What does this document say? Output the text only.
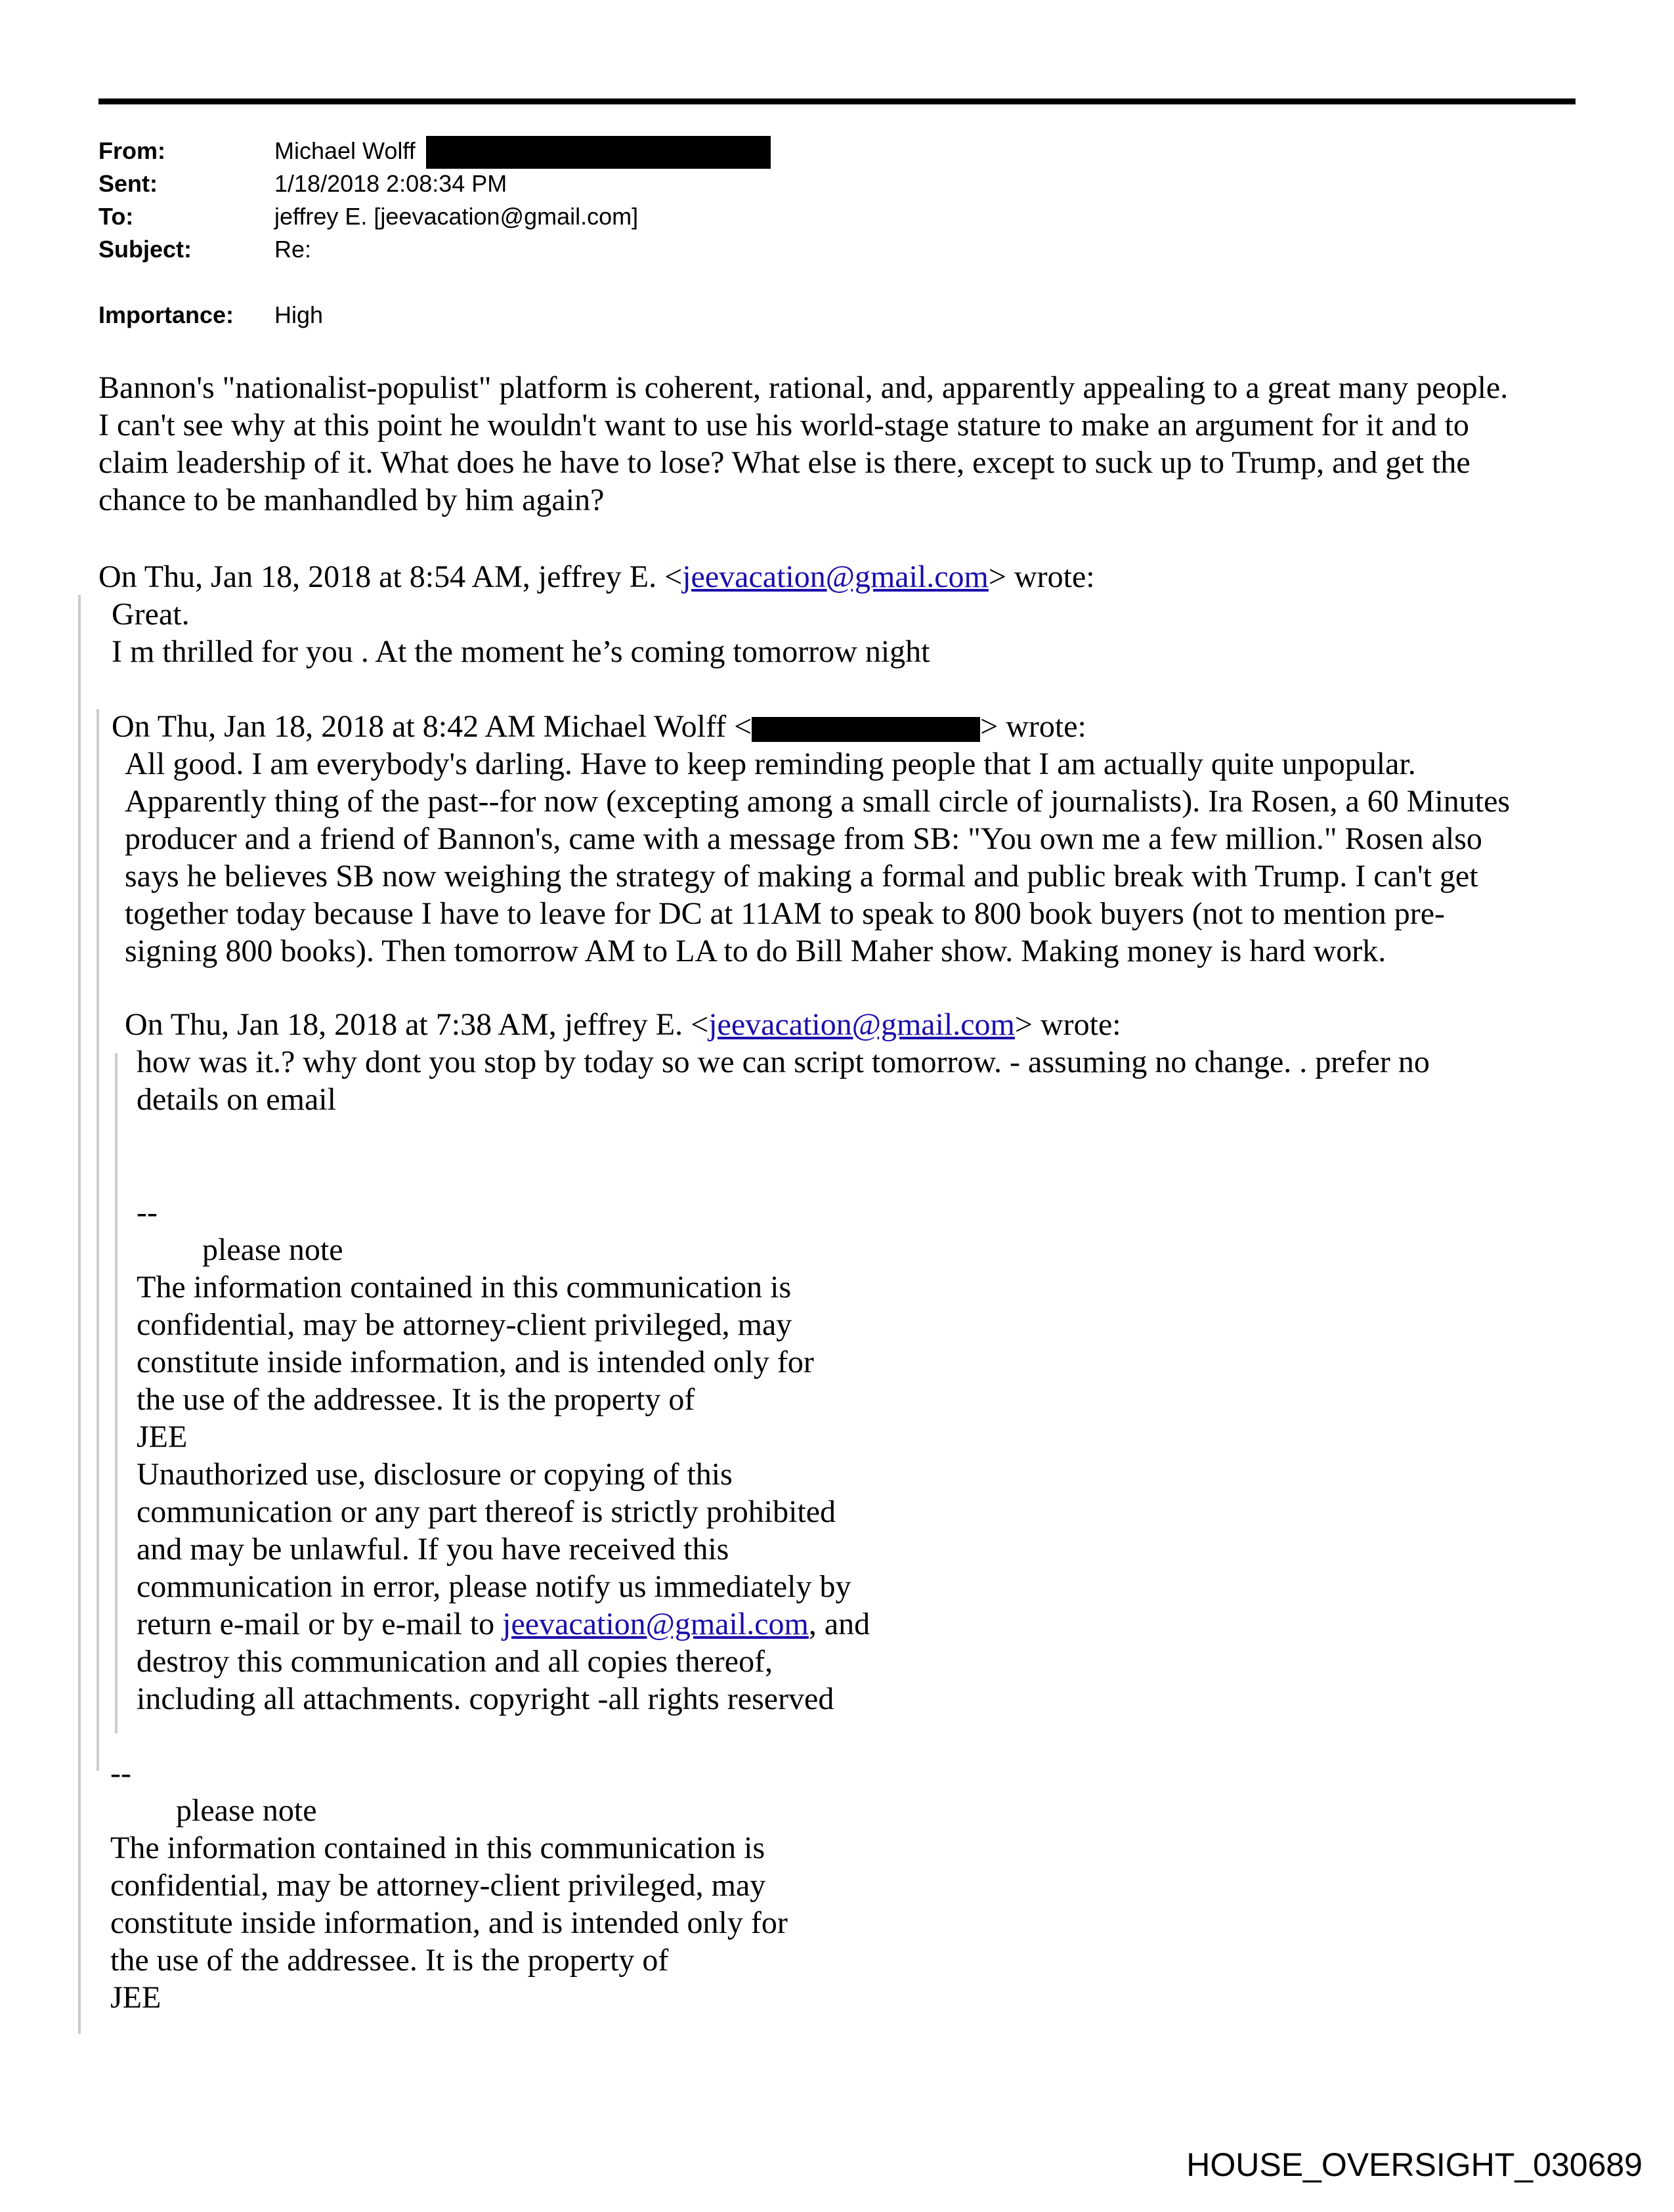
From:	Michael Wolff
Sent:	1/18/2018 2:08:34 PM
To:	jeffrey E. [jeevacation@gmail.com]
Subject:	Re:
Importance: High
Bannon's "nationalist-populist" platform is coherent, rational, and, apparently appealing to a great many people.
I can't see why at this point he wouldn't want to use his world-stage stature to make an argument for it and to
claim leadership of it. What does he have to lose? What else is there, except to suck up to Trump, and get the
chance to be manhandled by him again?
On Thu, Jan 18, 2018 at 8:54 AM, jeffrey E. <jeevacation@gmail.com> wrote:
Great.
I m thrilled for you . At the moment he’s coming tomorrow night
On Thu, Jan 18, 2018 at 8:42 AM Michael Wolff <	> wrote:
All good. I am everybody's darling. Have to keep reminding people that I am actually quite unpopular.
Apparently thing of the past--for now (excepting among a small circle of journalists). Ira Rosen, a 60 Minutes
producer and a friend of Bannon's, came with a message from SB: "You own me a few million." Rosen also
says he believes SB now weighing the strategy of making a formal and public break with Trump. I can't get
together today because I have to leave for DC at 11AM to speak to 800 book buyers (not to mention pre-
signing 800 books). Then tomorrow AM to LA to do Bill Maher show. Making money is hard work.
On Thu, Jan 18, 2018 at 7:38 AM, jeffrey E. <jeevacation@gmail.com> wrote:
how was it.? why dont you stop by today so we can script tomorrow. - assuming no change. . prefer no
details on email
--
please note
The information contained in this communication is
confidential, may be attorney-client privileged, may
constitute inside information, and is intended only for
the use of the addressee. It is the property of
JEE
Unauthorized use, disclosure or copying of this
communication or any part thereof is strictly prohibited
and may be unlawful. If you have received this
communication in error, please notify us immediately by
return e-mail or by e-mail to jeevacation@gmail.com, and
destroy this communication and all copies thereof,
including all attachments. copyright -all rights reserved
--
please note
The information contained in this communication is
confidential, may be attorney-client privileged, may
constitute inside information, and is intended only for
the use of the addressee. It is the property of
JEE
HOUSE_OVERSIGHT_030689
